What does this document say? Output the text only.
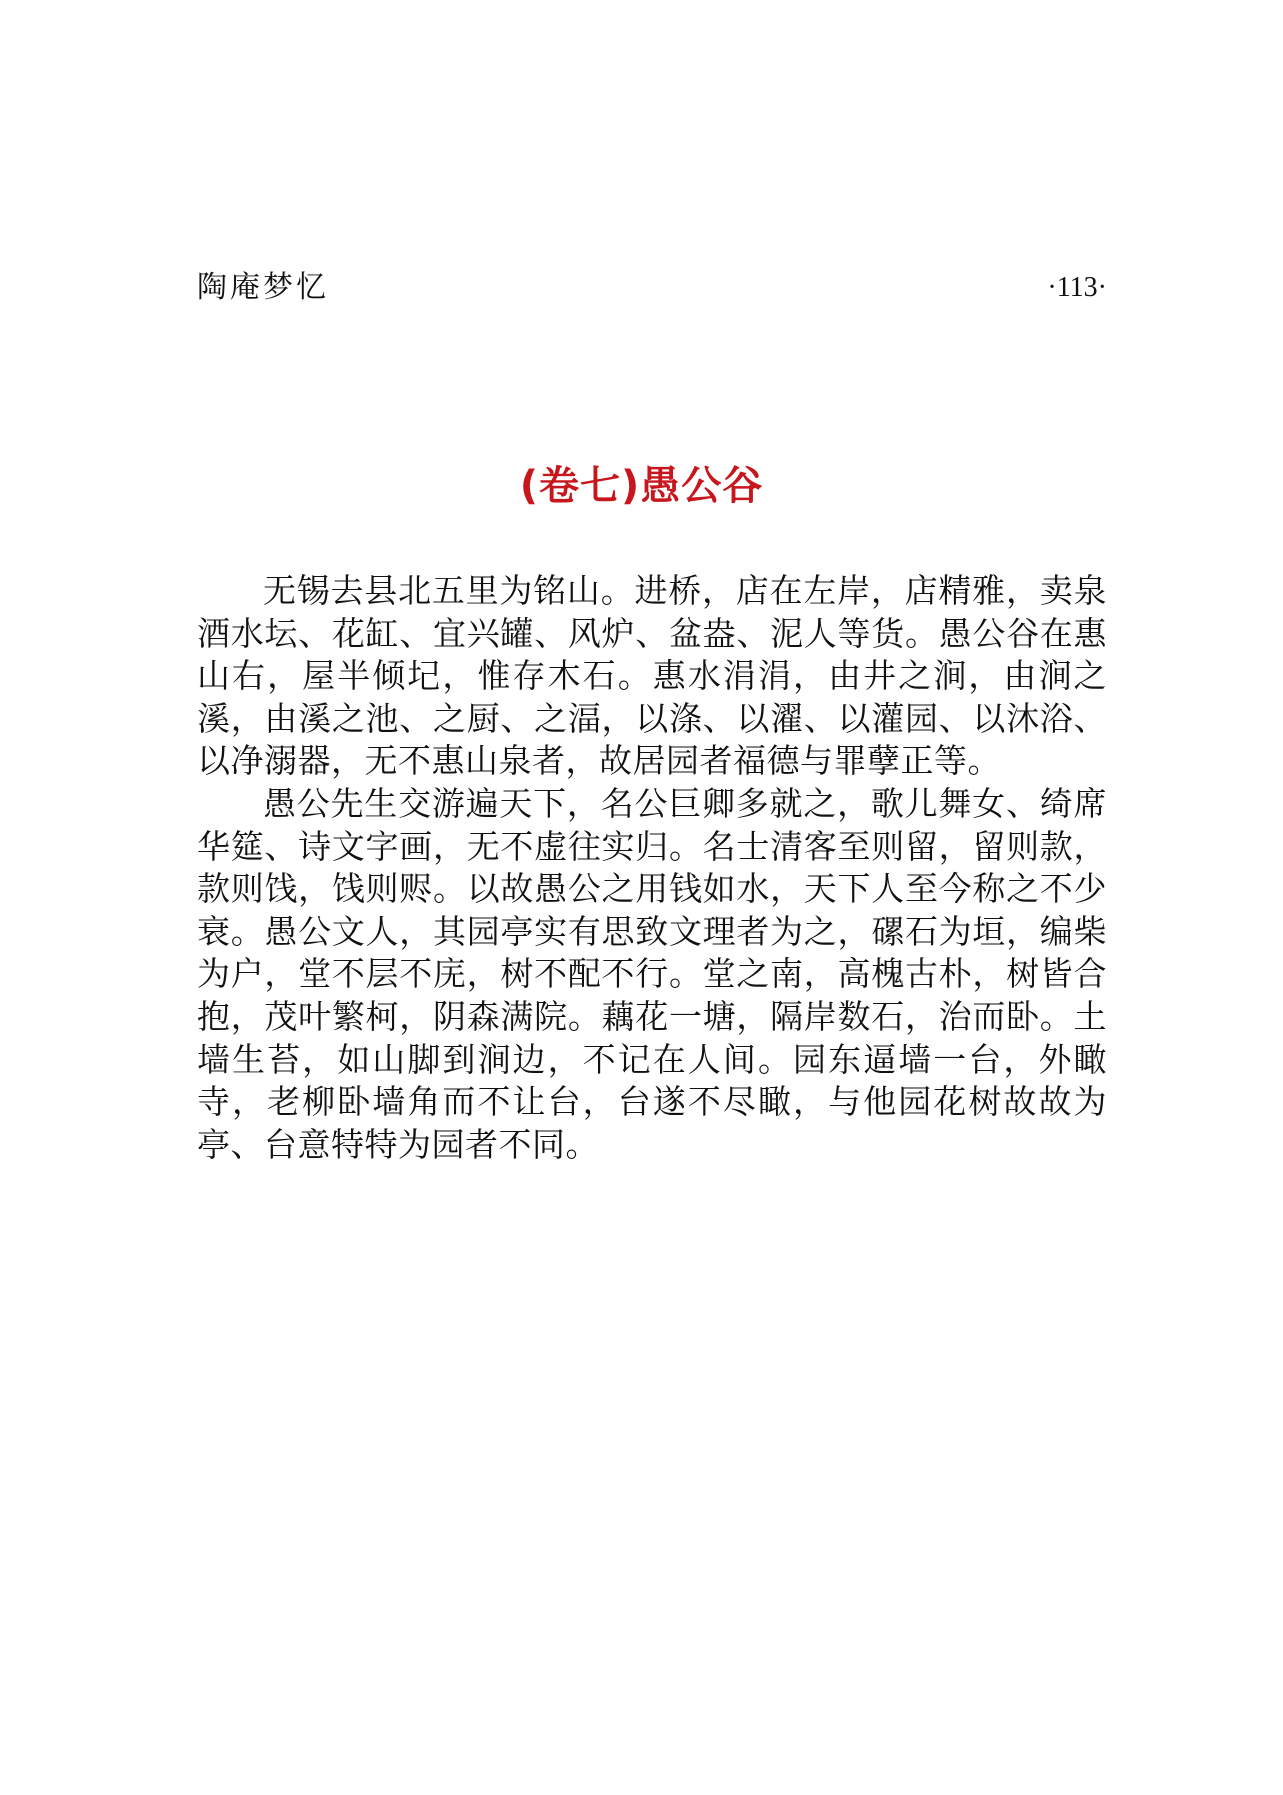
陶庵梦忆	·113·
(卷七)愚公谷

无锡去县北五里为铭山。进桥，店在左岸，店精雅，卖泉酒水坛、花缸、宜兴罐、风炉、盆盎、泥人等货。愚公谷在惠山右，屋半倾圮，惟存木石。惠水涓涓，由井之涧，由涧之溪，由溪之池、之厨、之湢，以涤、以濯、以灌园、以沐浴、以净溺器，无不惠山泉者，故居园者福德与罪孽正等。

愚公先生交游遍天下，名公巨卿多就之，歌儿舞女、绮席华筵、诗文字画，无不虚往实归。名士清客至则留，留则款，款则饯，饯则赆。以故愚公之用钱如水，天下人至今称之不少衰。愚公文人，其园亭实有思致文理者为之，磥石为垣，编柴为户，堂不层不庑，树不配不行。堂之南，高槐古朴，树皆合抱，茂叶繁柯，阴森满院。藕花一塘，隔岸数石，治而卧。土墙生苔，如山脚到涧边，不记在人间。园东逼墙一台，外瞰寺，老柳卧墙角而不让台，台遂不尽瞰，与他园花树故故为亭、台意特特为园者不同。
